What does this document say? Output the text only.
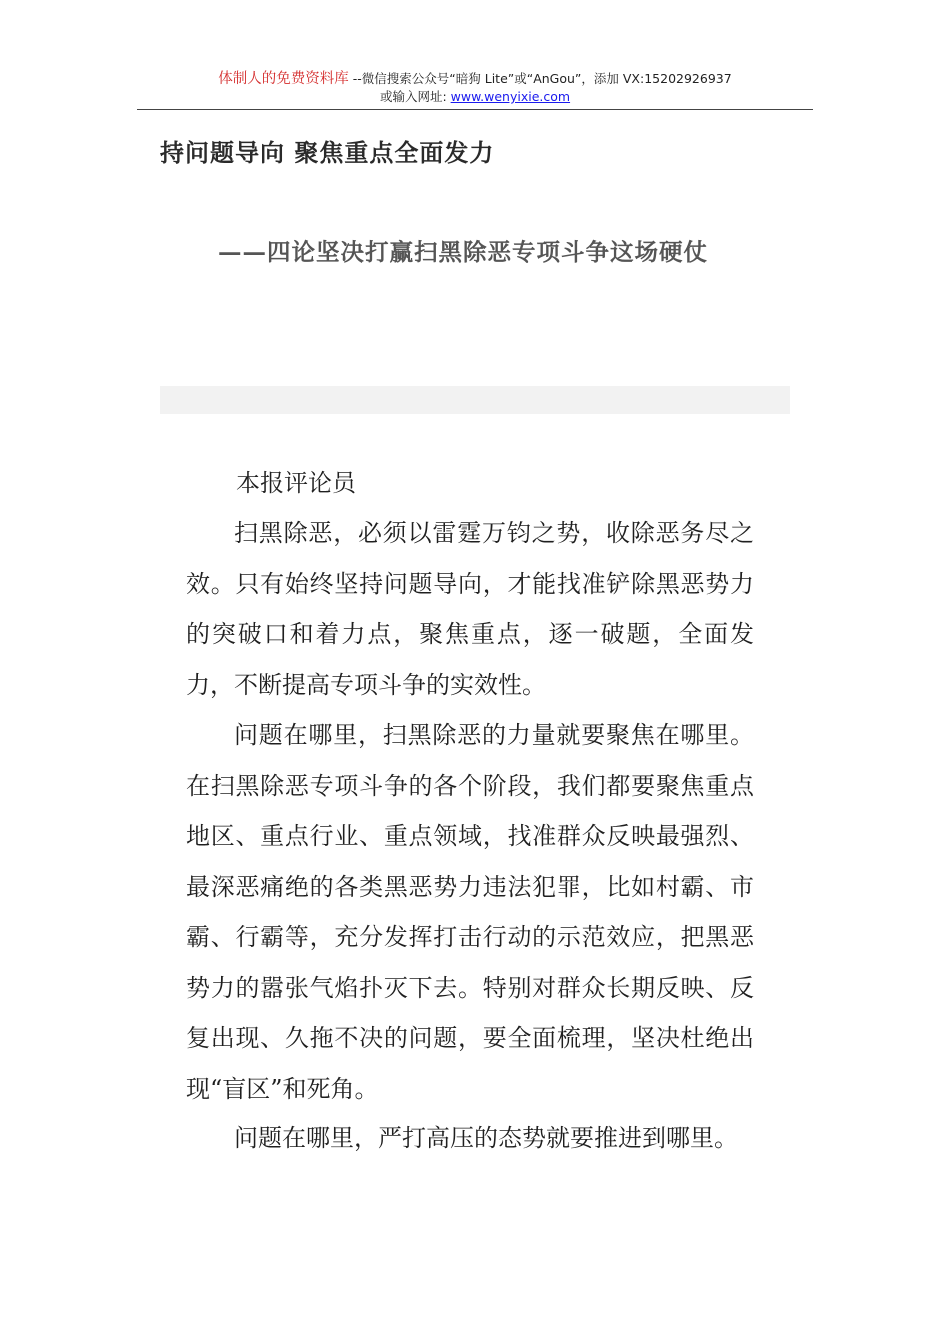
体制人的免费资料库 --微信搜索公众号“暗狗 Lite”或“AnGou”，添加 VX:15202926937
或输入网址: www.wenyixie.com
持问题导向 聚焦重点全面发力
——四论坚决打赢扫黑除恶专项斗争这场硬仗
本报评论员

扫黑除恶，必须以雷霆万钧之势，收除恶务尽之效。只有始终坚持问题导向，才能找准铲除黑恶势力的突破口和着力点，聚焦重点，逐一破题，全面发力，不断提高专项斗争的实效性。

问题在哪里，扫黑除恶的力量就要聚焦在哪里。在扫黑除恶专项斗争的各个阶段，我们都要聚焦重点地区、重点行业、重点领域，找准群众反映最强烈、最深恶痛绝的各类黑恶势力违法犯罪，比如村霸、市霸、行霸等，充分发挥打击行动的示范效应，把黑恶势力的嚣张气焰扑灭下去。特别对群众长期反映、反复出现、久拖不决的问题，要全面梳理，坚决杜绝出现“盲区”和死角。

问题在哪里，严打高压的态势就要推进到哪里。
